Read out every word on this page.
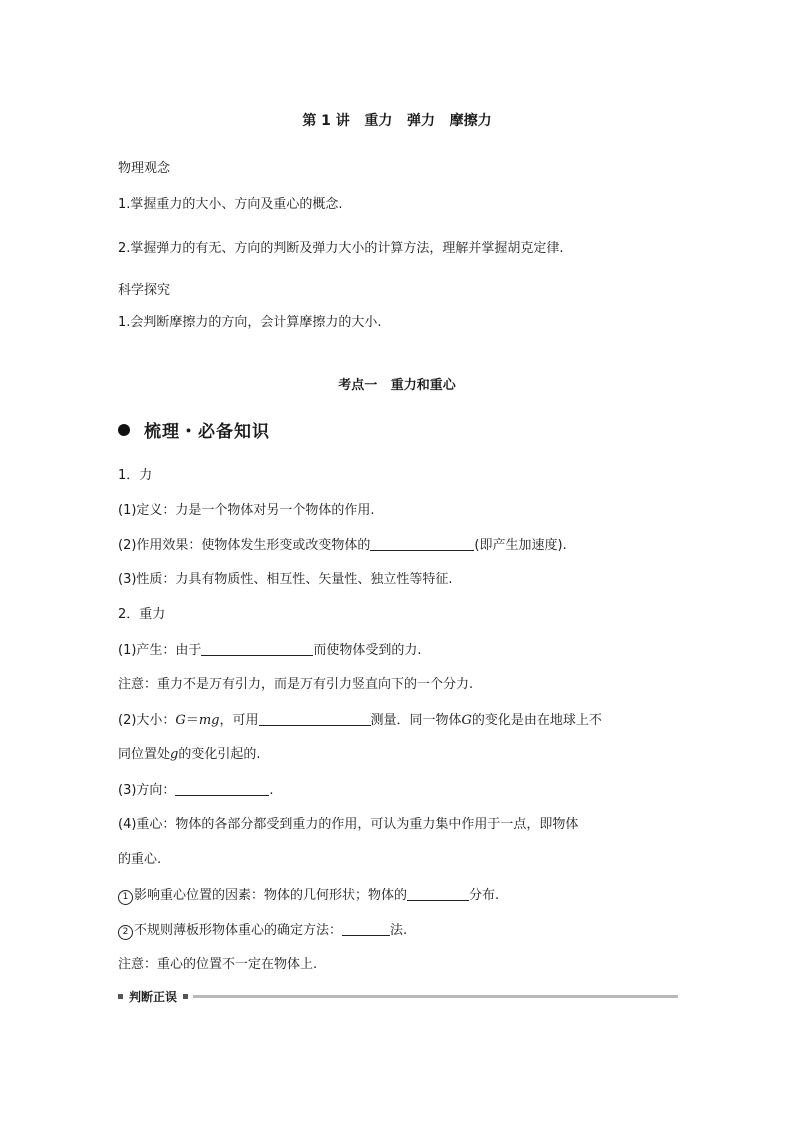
第 1 讲   重力   弹力   摩擦力
物理观念
1.掌握重力的大小、方向及重心的概念.
2.掌握弹力的有无、方向的判断及弹力大小的计算方法，理解并掌握胡克定律.
科学探究
1.会判断摩擦力的方向，会计算摩擦力的大小.
考点一   重力和重心
梳理・必备知识
1．力
(1)定义：力是一个物体对另一个物体的作用.
(2)作用效果：使物体发生形变或改变物体的	(即产生加速度).
(3)性质：力具有物质性、相互性、矢量性、独立性等特征.
2．重力
(1)产生：由于	而使物体受到的力.
注意：重力不是万有引力，而是万有引力竖直向下的一个分力.
(2)大小：G＝mg，可用	测量．同一物体G的变化是由在地球上不
同位置处g的变化引起的.
(3)方向：	.
(4)重心：物体的各部分都受到重力的作用，可认为重力集中作用于一点，即物体
的重心.
1 影响重心位置的因素：物体的几何形状；物体的	分布.
2 不规则薄板形物体重心的确定方法：	法.
注意：重心的位置不一定在物体上.
判断正误
